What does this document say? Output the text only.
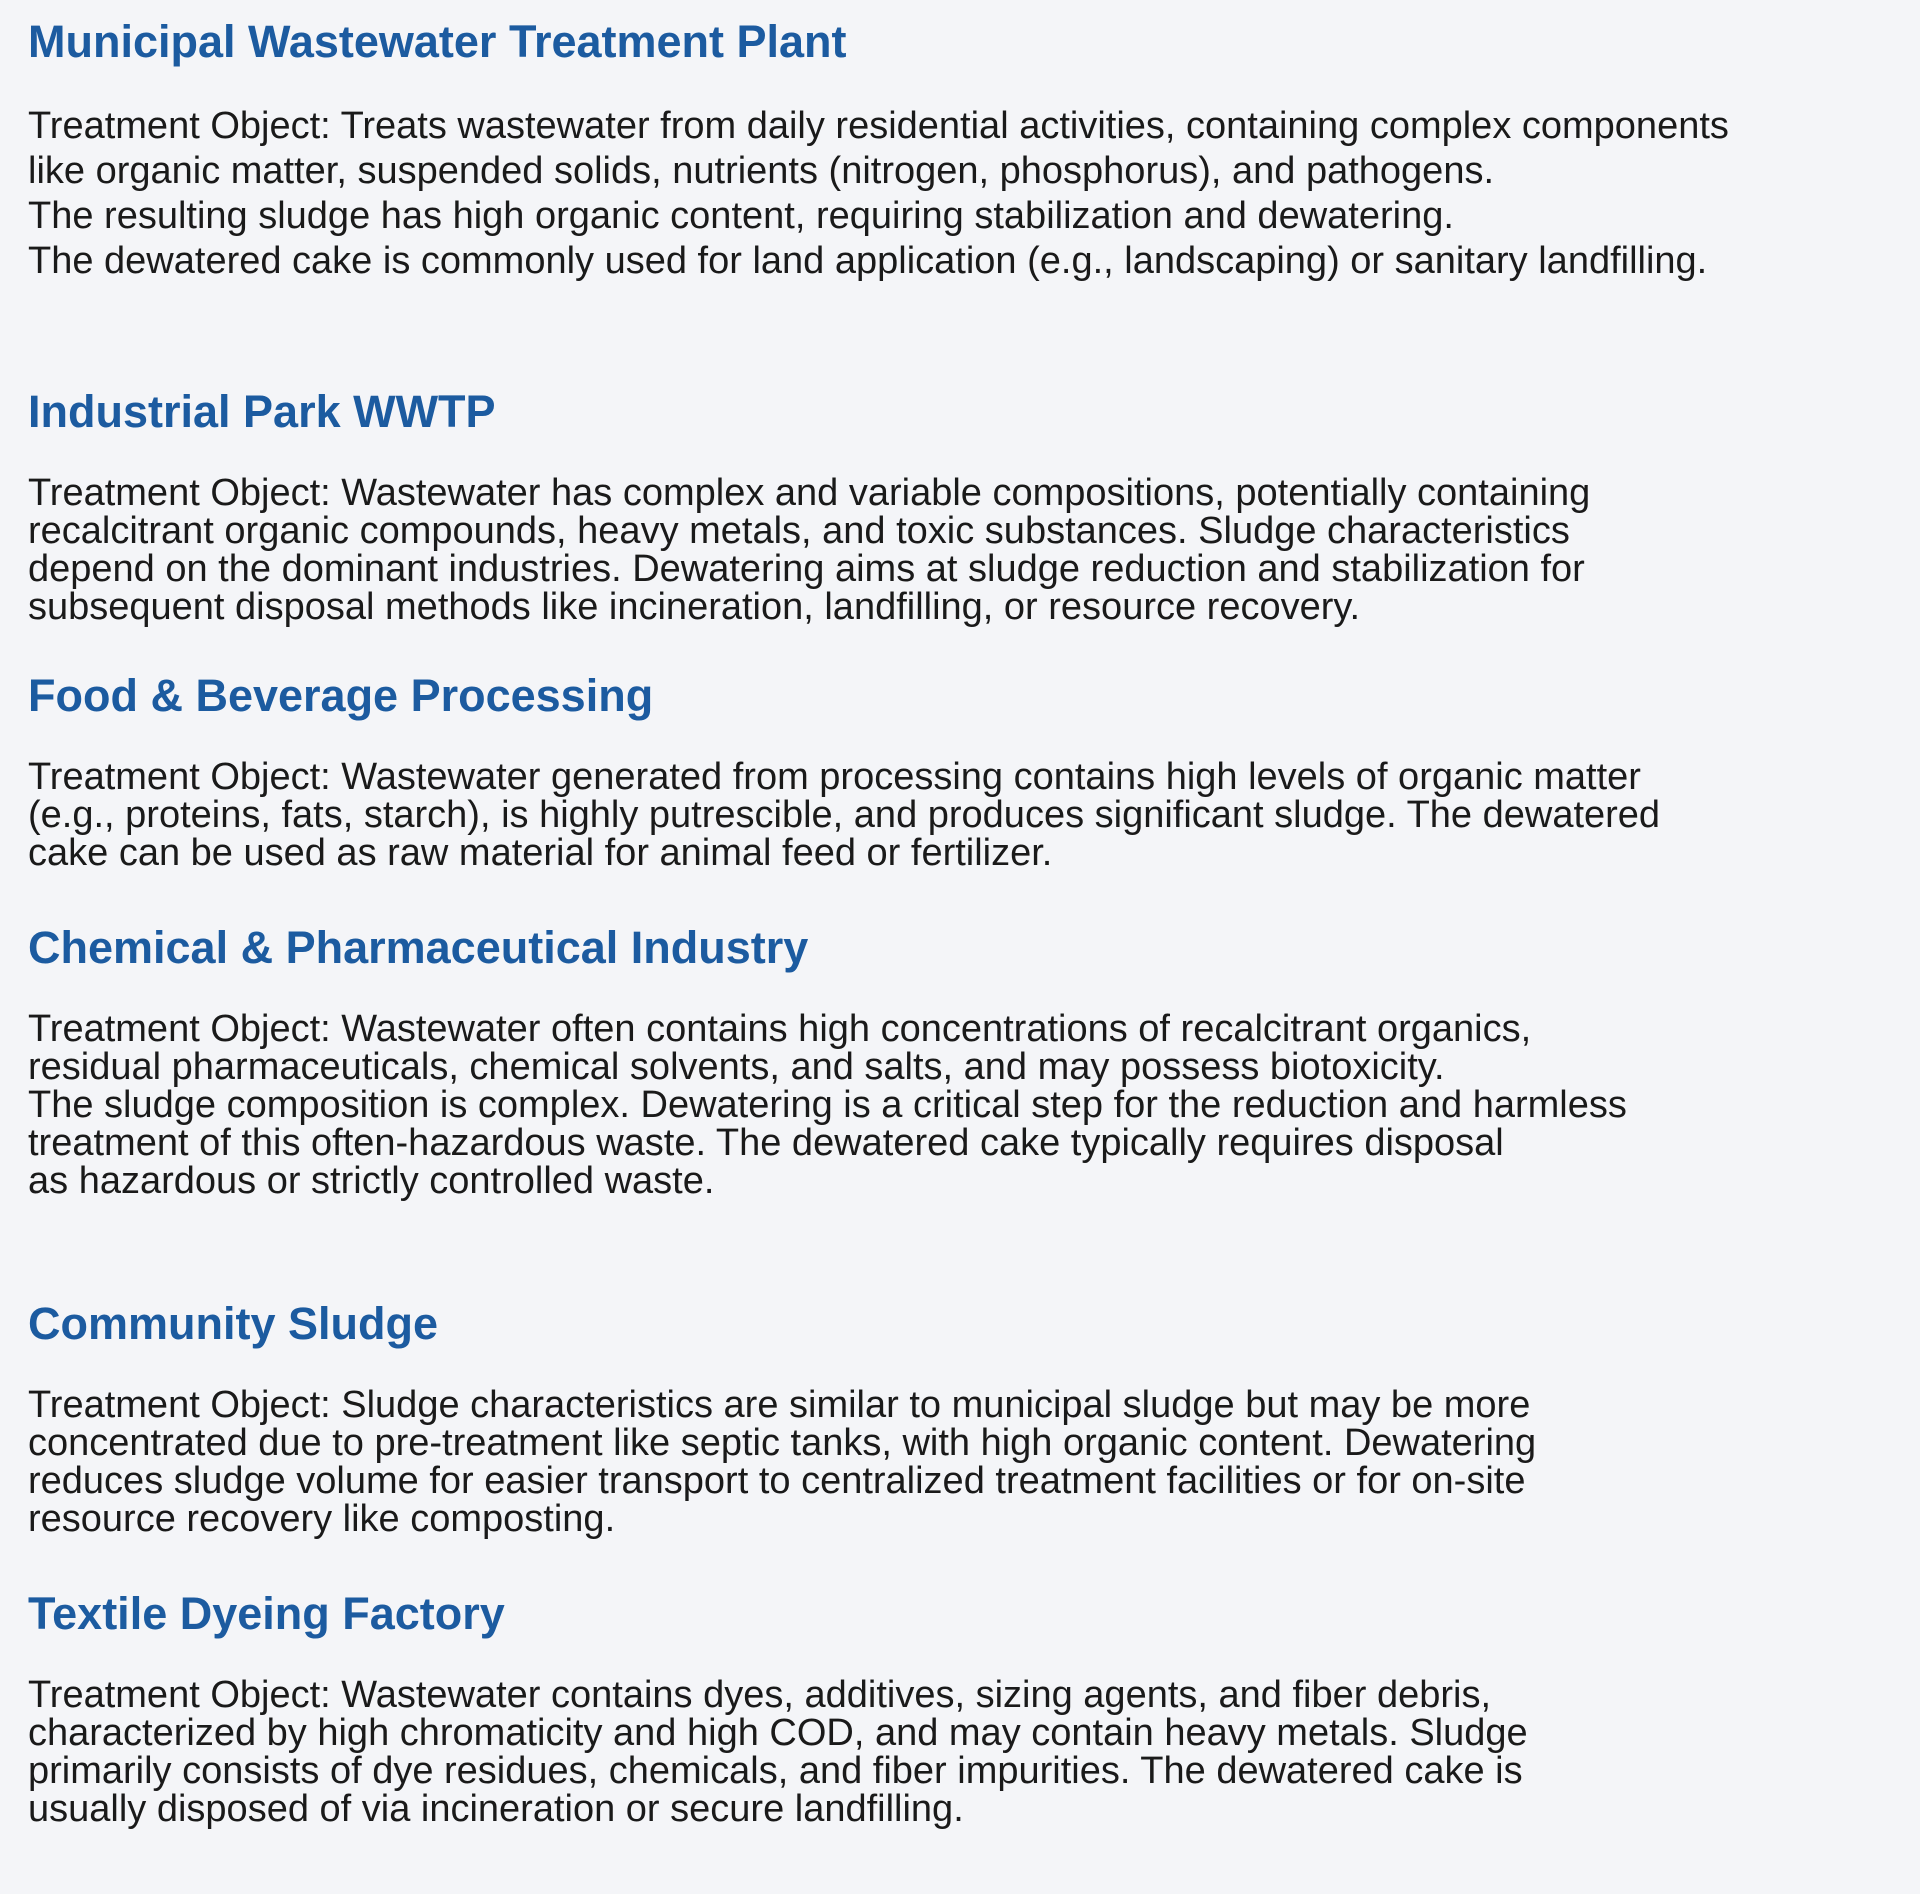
Municipal Wastewater Treatment Plant

Treatment Object: Treats wastewater from daily residential activities, containing complex components

like organic matter, suspended solids, nutrients (nitrogen, phosphorus), and pathogens.

The resulting sludge has high organic content, requiring stabilization and dewatering.

The dewatered cake is commonly used for land application (e.g., landscaping) or sanitary landfilling.

Industrial Park WWTP

Treatment Object: Wastewater has complex and variable compositions, potentially containing

recalcitrant organic compounds, heavy metals, and toxic substances. Sludge characteristics

depend on the dominant industries. Dewatering aims at sludge reduction and stabilization for

subsequent disposal methods like incineration, landfilling, or resource recovery.

Food & Beverage Processing

Treatment Object: Wastewater generated from processing contains high levels of organic matter

(e.g., proteins, fats, starch), is highly putrescible, and produces significant sludge. The dewatered

cake can be used as raw material for animal feed or fertilizer.

Chemical & Pharmaceutical Industry

Treatment Object: Wastewater often contains high concentrations of recalcitrant organics,

residual pharmaceuticals, chemical solvents, and salts, and may possess biotoxicity.

The sludge composition is complex. Dewatering is a critical step for the reduction and harmless

treatment of this often-hazardous waste. The dewatered cake typically requires disposal

as hazardous or strictly controlled waste.

Community Sludge

Treatment Object: Sludge characteristics are similar to municipal sludge but may be more

concentrated due to pre-treatment like septic tanks, with high organic content. Dewatering

reduces sludge volume for easier transport to centralized treatment facilities or for on-site

resource recovery like composting.

Textile Dyeing Factory

Treatment Object: Wastewater contains dyes, additives, sizing agents, and fiber debris,

characterized by high chromaticity and high COD, and may contain heavy metals. Sludge

primarily consists of dye residues, chemicals, and fiber impurities. The dewatered cake is

usually disposed of via incineration or secure landfilling.
